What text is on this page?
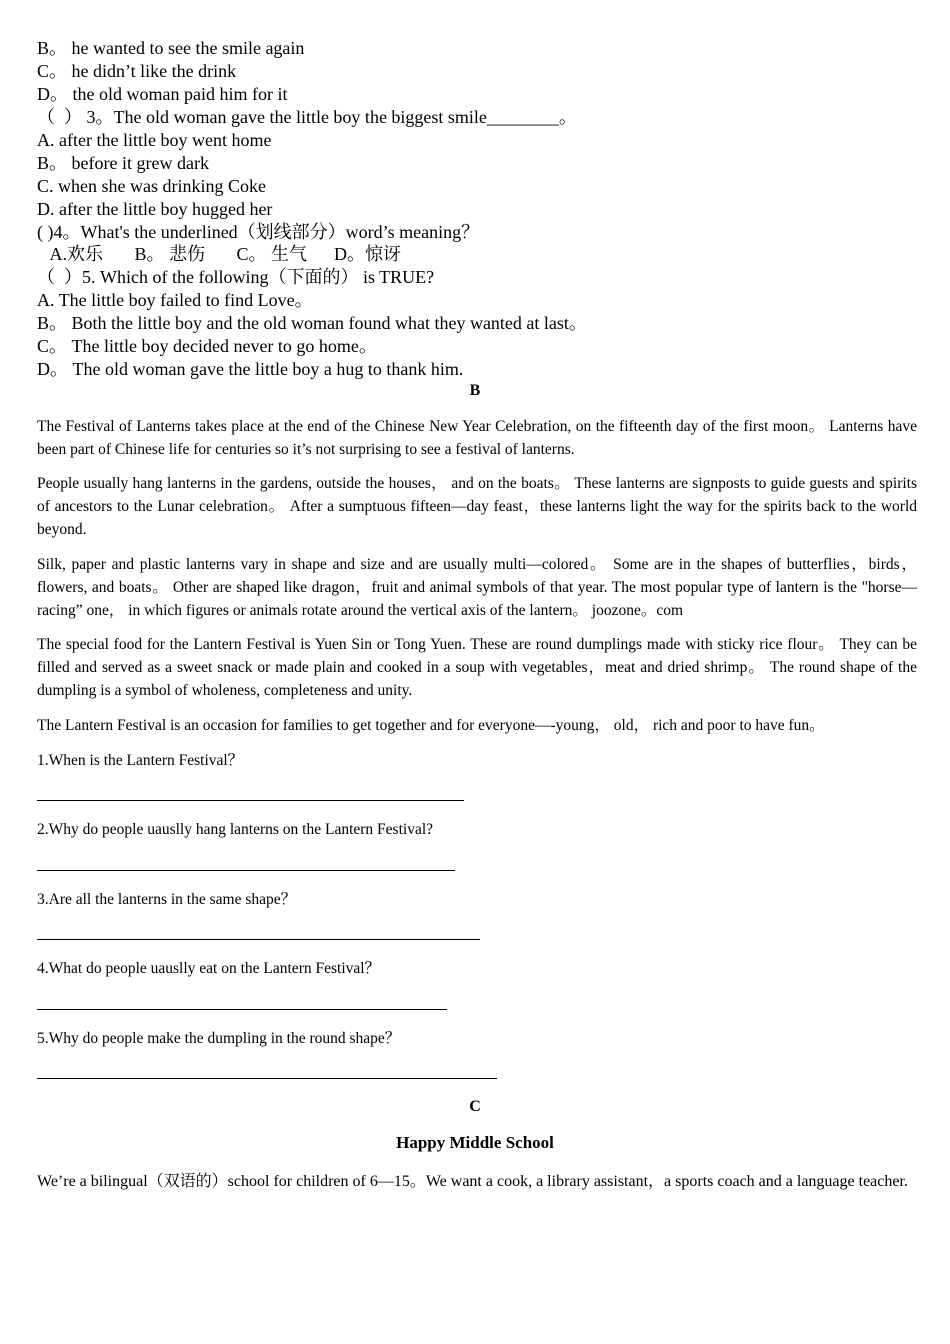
B。 he wanted to see the smile again
C。 he didn’t like the drink
D。 the old woman paid him for it
（  ） 3。The old woman gave the little boy the biggest smile________。
A. after the little boy went home
B。 before it grew dark
C. when she was drinking Coke
D. after the little boy hugged her
( )4。What's the underlined（划线部分）word’s meaning？
A.欢乐       B。 悲伤       C。 生气      D。惊讶
（  ）5. Which of the following（下面的） is TRUE?
A. The little boy failed to find Love。
B。 Both the little boy and the old woman found what they wanted at last。
C。 The little boy decided never to go home。
D。 The old woman gave the little boy a hug to thank him.
B
The Festival of Lanterns takes place at the end of the Chinese New Year Celebration, on the fifteenth day of the first moon。 Lanterns have been part of Chinese life for centuries so it’s not surprising to see a festival of lanterns.
People usually hang lanterns in the gardens, outside the houses， and on the boats。 These lanterns are signposts to guide guests and spirits of ancestors to the Lunar celebration。 After a sumptuous fifteen—day feast，these lanterns light the way for the spirits back to the world beyond.
Silk, paper and plastic lanterns vary in shape and size and are usually multi—colored。 Some are in the shapes of butterflies，birds，flowers, and boats。 Other are shaped like dragon，fruit and animal symbols of that year. The most popular type of lantern is the "horse—racing” one， in which figures or animals rotate around the vertical axis of the lantern。 joozone。com
The special food for the Lantern Festival is Yuen Sin or Tong Yuen. These are round dumplings made with sticky rice flour。 They can be filled and served as a sweet snack or made plain and cooked in a soup with vegetables，meat and dried shrimp。 The round shape of the dumpling is a symbol of wholeness, completeness and unity.
The Lantern Festival is an occasion for families to get together and for everyone—-young， old， rich and poor to have fun。
1.When is the Lantern Festival？
2.Why do people uauslly hang lanterns on the Lantern Festival?
3.Are all the lanterns in the same shape？
4.What do people uauslly eat on the Lantern Festival？
5.Why do people make the dumpling in the round shape？
C
Happy Middle School
We’re a bilingual（双语的）school for children of 6—15。We want a cook, a library assistant，a sports coach and a language teacher.
